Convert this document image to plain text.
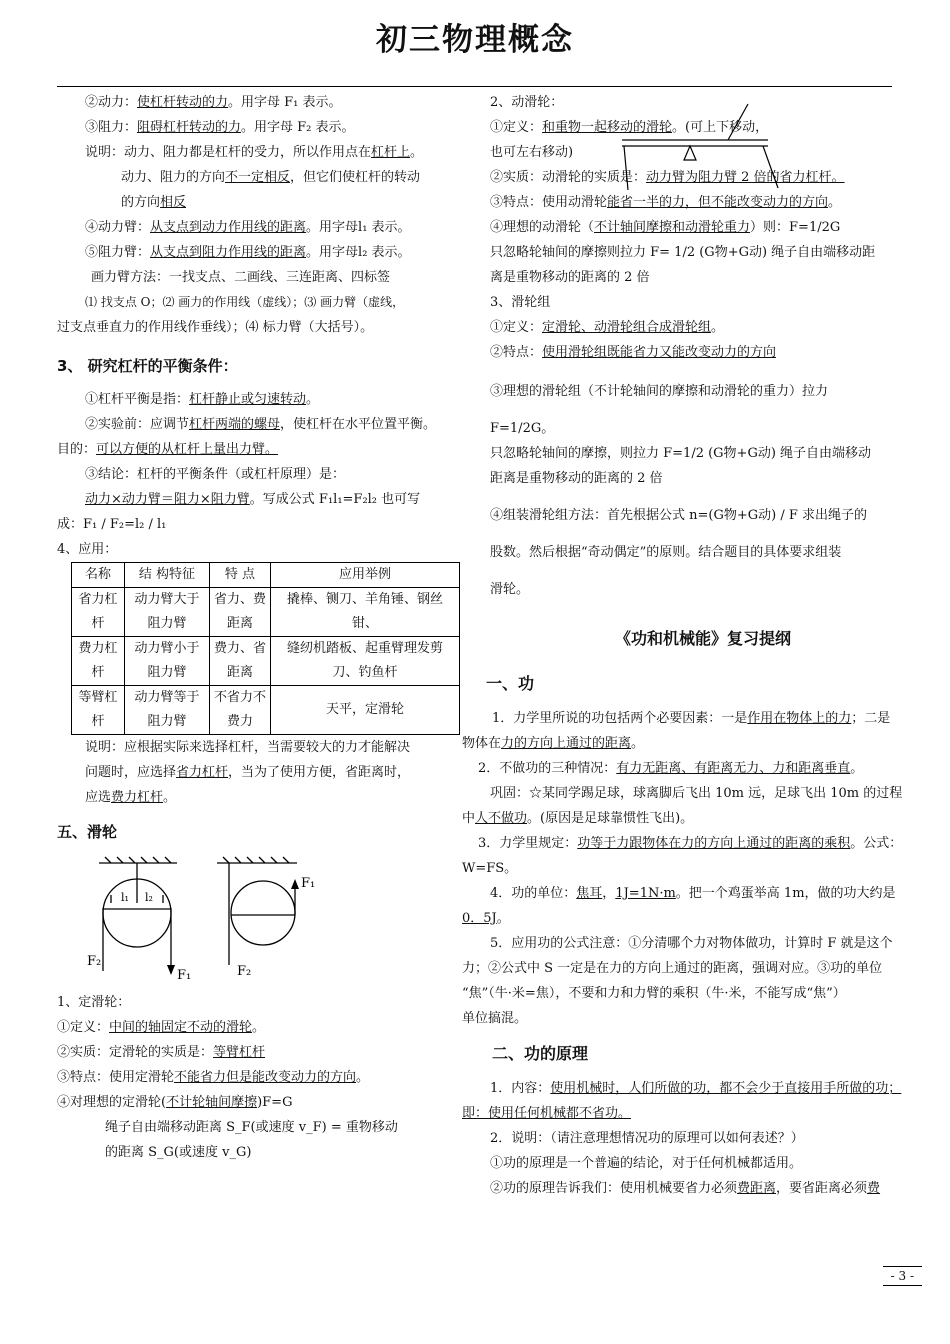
初三物理概念
②动力：使杠杆转动的力。用字母 F₁ 表示。
③阻力：阻碍杠杆转动的力。用字母 F₂ 表示。
说明：动力、阻力都是杠杆的受力，所以作用点在杠杆上。
动力、阻力的方向不一定相反，但它们使杠杆的转动
的方向相反
④动力臂：从支点到动力作用线的距离。用字母l₁ 表示。
⑤阻力臂：从支点到阻力作用线的距离。用字母l₂ 表示。
画力臂方法：一找支点、二画线、三连距离、四标签
⑴ 找支点 O；⑵ 画力的作用线（虚线）；⑶ 画力臂（虚线，
过支点垂直力的作用线作垂线）；⑷ 标力臂（大括号）。
3、 研究杠杆的平衡条件：
①杠杆平衡是指：杠杆静止或匀速转动。
②实验前：应调节杠杆两端的螺母，使杠杆在水平位置平衡。
目的：可以方便的从杠杆上量出力臂。
③结论：杠杆的平衡条件（或杠杆原理）是：
动力×动力臂＝阻力×阻力臂。写成公式 F₁l₁=F₂l₂ 也可写
成：F₁ / F₂=l₂ / l₁
4、应用：
名称	结 构特征	特 点	应用举例
省力杠杆	动力臂大于阻力臂	省力、费距离	撬棒、铡刀、羊角锤、钢丝钳、
费力杠杆	动力臂小于阻力臂	费力、省距离	缝纫机踏板、起重臂理发剪刀、钓鱼杆
等臂杠杆	动力臂等于阻力臂	不省力不费力	天平，定滑轮
说明：应根据实际来选择杠杆，当需要较大的力才能解决
问题时，应选择省力杠杆，当为了使用方便，省距离时，
应选费力杠杆。
五、滑轮
F₂
F₁
l₁ l₂
F₁
F₂
1、定滑轮：
①定义：中间的轴固定不动的滑轮。
②实质：定滑轮的实质是：等臂杠杆
③特点：使用定滑轮不能省力但是能改变动力的方向。
④对理想的定滑轮(不计轮轴间摩擦)F=G
绳子自由端移动距离 S_F(或速度 v_F) = 重物移动
的距离 S_G(或速度 v_G)
2、动滑轮：
①定义：和重物一起移动的滑轮。(可上下移动，
也可左右移动)
②实质：动滑轮的实质是：动力臂为阻力臂 2 倍的省力杠杆。
③特点：使用动滑轮能省一半的力，但不能改变动力的方向。
④理想的动滑轮（不计轴间摩擦和动滑轮重力）则：F=1/2G
只忽略轮轴间的摩擦则拉力 F= 1/2 (G物+G动) 绳子自由端移动距
离是重物移动的距离的 2 倍
3、滑轮组
①定义：定滑轮、动滑轮组合成滑轮组。
②特点：使用滑轮组既能省力又能改变动力的方向
③理想的滑轮组（不计轮轴间的摩擦和动滑轮的重力）拉力
F=1/2G。
只忽略轮轴间的摩擦，则拉力 F=1/2 (G物+G动) 绳子自由端移动
距离是重物移动的距离的 2 倍
④组装滑轮组方法：首先根据公式 n=(G物+G动) / F 求出绳子的
股数。然后根据“奇动偶定”的原则。结合题目的具体要求组装
滑轮。
《功和机械能》复习提纲
一、功
1．力学里所说的功包括两个必要因素：一是作用在物体上的力；二是
物体在力的方向上通过的距离。
2．不做功的三种情况：有力无距离、有距离无力、力和距离垂直。
巩固：☆某同学踢足球，球离脚后飞出 10m 远，足球飞出 10m 的过程
中人不做功。(原因是足球靠惯性飞出)。
3．力学里规定：功等于力跟物体在力的方向上通过的距离的乘积。公式：
W=FS。
4．功的单位：焦耳，1J=1N·m。把一个鸡蛋举高 1m，做的功大约是
0．5J。
5．应用功的公式注意：①分清哪个力对物体做功，计算时 F 就是这个
力；②公式中 S 一定是在力的方向上通过的距离，强调对应。③功的单位
“焦”（牛·米=焦），不要和力和力臂的乘积（牛·米，不能写成“焦”）
单位搞混。
二、功的原理
1．内容：使用机械时，人们所做的功，都不会少于直接用手所做的功；
即：使用任何机械都不省功。
2．说明：（请注意理想情况功的原理可以如何表述？）
①功的原理是一个普遍的结论，对于任何机械都适用。
②功的原理告诉我们：使用机械要省力必须费距离，要省距离必须费
- 3 -
